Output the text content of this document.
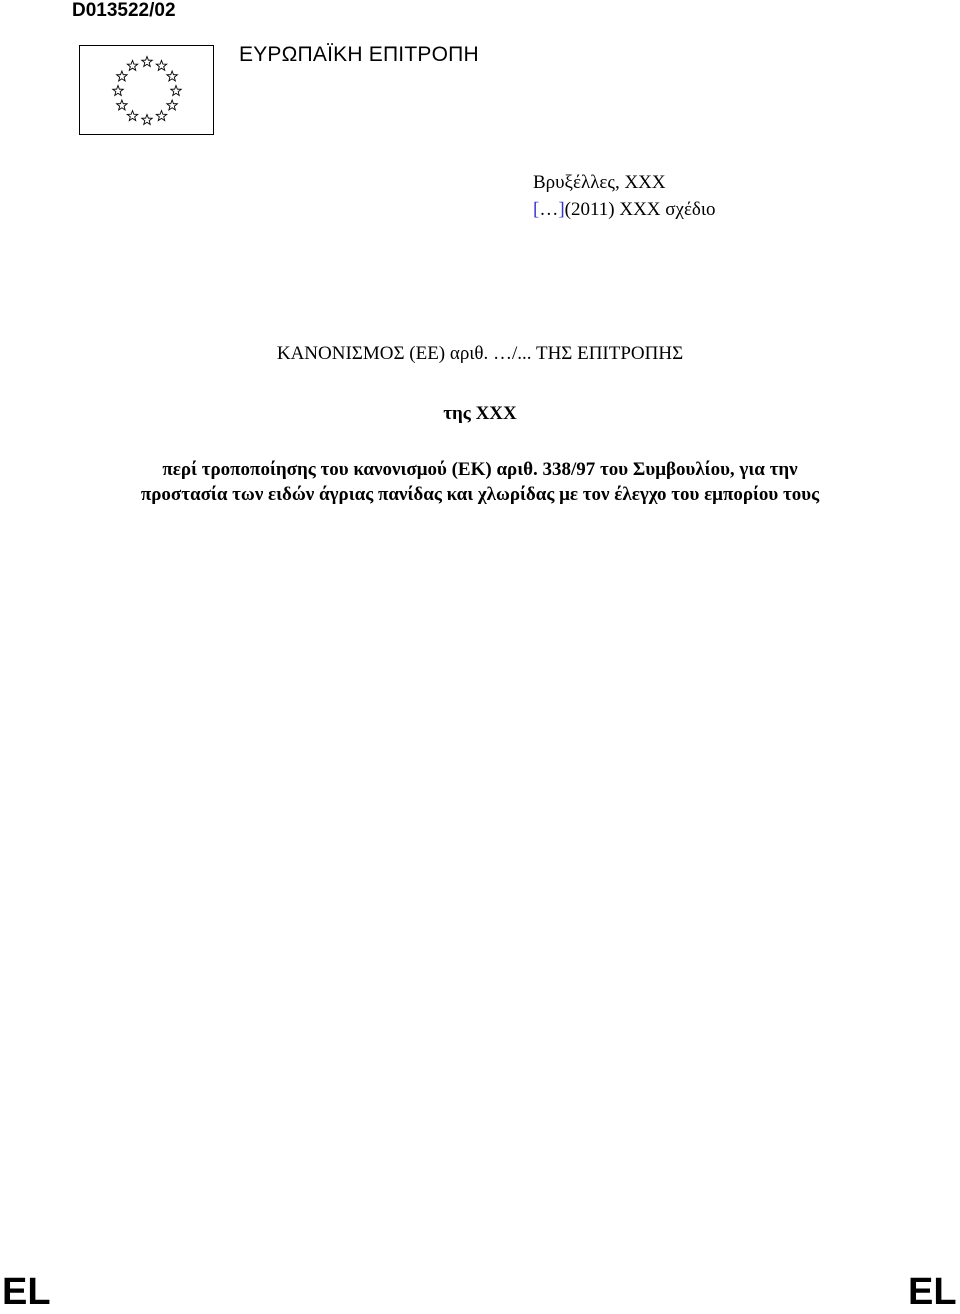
D013522/02
ΕΥΡΩΠΑΪΚΗ ΕΠΙΤΡΟΠΗ
Βρυξέλλες, XXX
[…](2011) XXX σχέδιο
ΚΑΝΟΝΙΣΜΟΣ (ΕΕ) αριθ. …/... ΤΗΣ ΕΠΙΤΡΟΠΗΣ
της XXX
περί τροποποίησης του κανονισμού (ΕΚ) αριθ. 338/97 του Συμβουλίου, για την
προστασία των ειδών άγριας πανίδας και χλωρίδας με τον έλεγχο του εμπορίου τους
EL	EL
